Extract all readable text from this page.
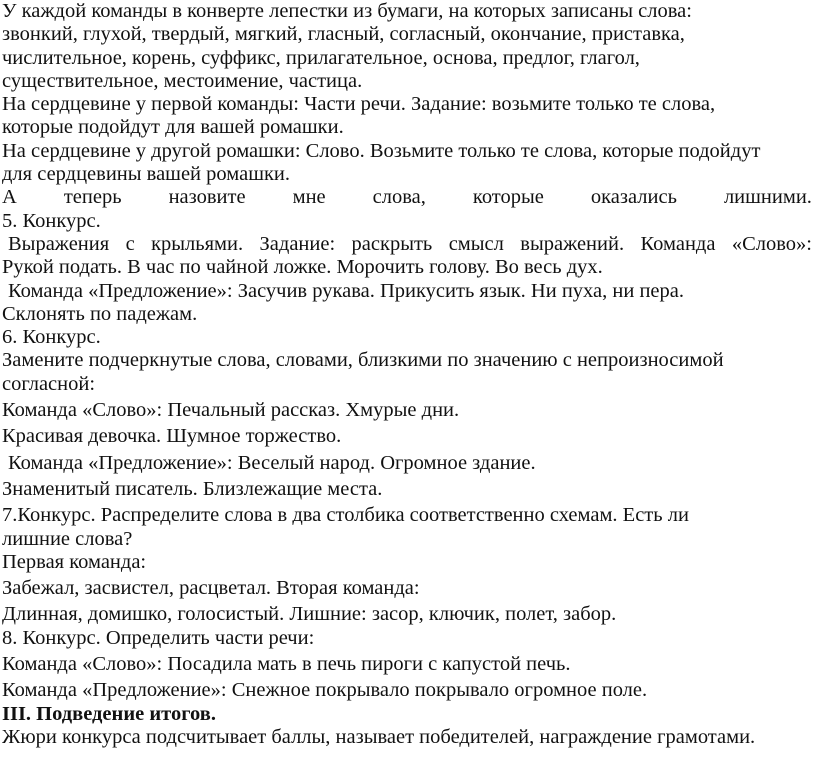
У каждой команды в конверте лепестки из бумаги, на которых записаны слова:
звонкий, глухой, твердый, мягкий, гласный, согласный, окончание, приставка,
числительное, корень, суффикс, прилагательное, основа, предлог, глагол,
существительное, местоимение, частица.
На сердцевине у первой команды: Части речи. Задание: возьмите только те слова,
которые подойдут для вашей ромашки.
На сердцевине у другой ромашки: Слово. Возьмите только те слова, которые подойдут
для сердцевины вашей ромашки.
А теперь назовите мне слова, которые оказались лишними.
5. Конкурс.
Выражения с крыльями. Задание: раскрыть смысл выражений. Команда «Слово»:
Рукой подать. В час по чайной ложке. Морочить голову. Во весь дух.
Команда «Предложение»: Засучив рукава. Прикусить язык. Ни пуха, ни пера.
Склонять по падежам.
6. Конкурс.
Замените подчеркнутые слова, словами, близкими по значению с непроизносимой
согласной:
Команда «Слово»: Печальный рассказ. Хмурые дни.
Красивая девочка. Шумное торжество.
Команда «Предложение»: Веселый народ. Огромное здание.
Знаменитый писатель. Близлежащие места.
7.Конкурс. Распределите слова в два столбика соответственно схемам. Есть ли
лишние слова?
Первая команда:
Забежал, засвистел, расцветал. Вторая команда:
Длинная, домишко, голосистый. Лишние: засор, ключик, полет, забор.
8. Конкурс. Определить части речи:
Команда «Слово»: Посадила мать в печь пироги с капустой печь.
Команда «Предложение»: Снежное покрывало покрывало огромное поле.
III. Подведение итогов.
Жюри конкурса подсчитывает баллы, называет победителей, награждение грамотами.
